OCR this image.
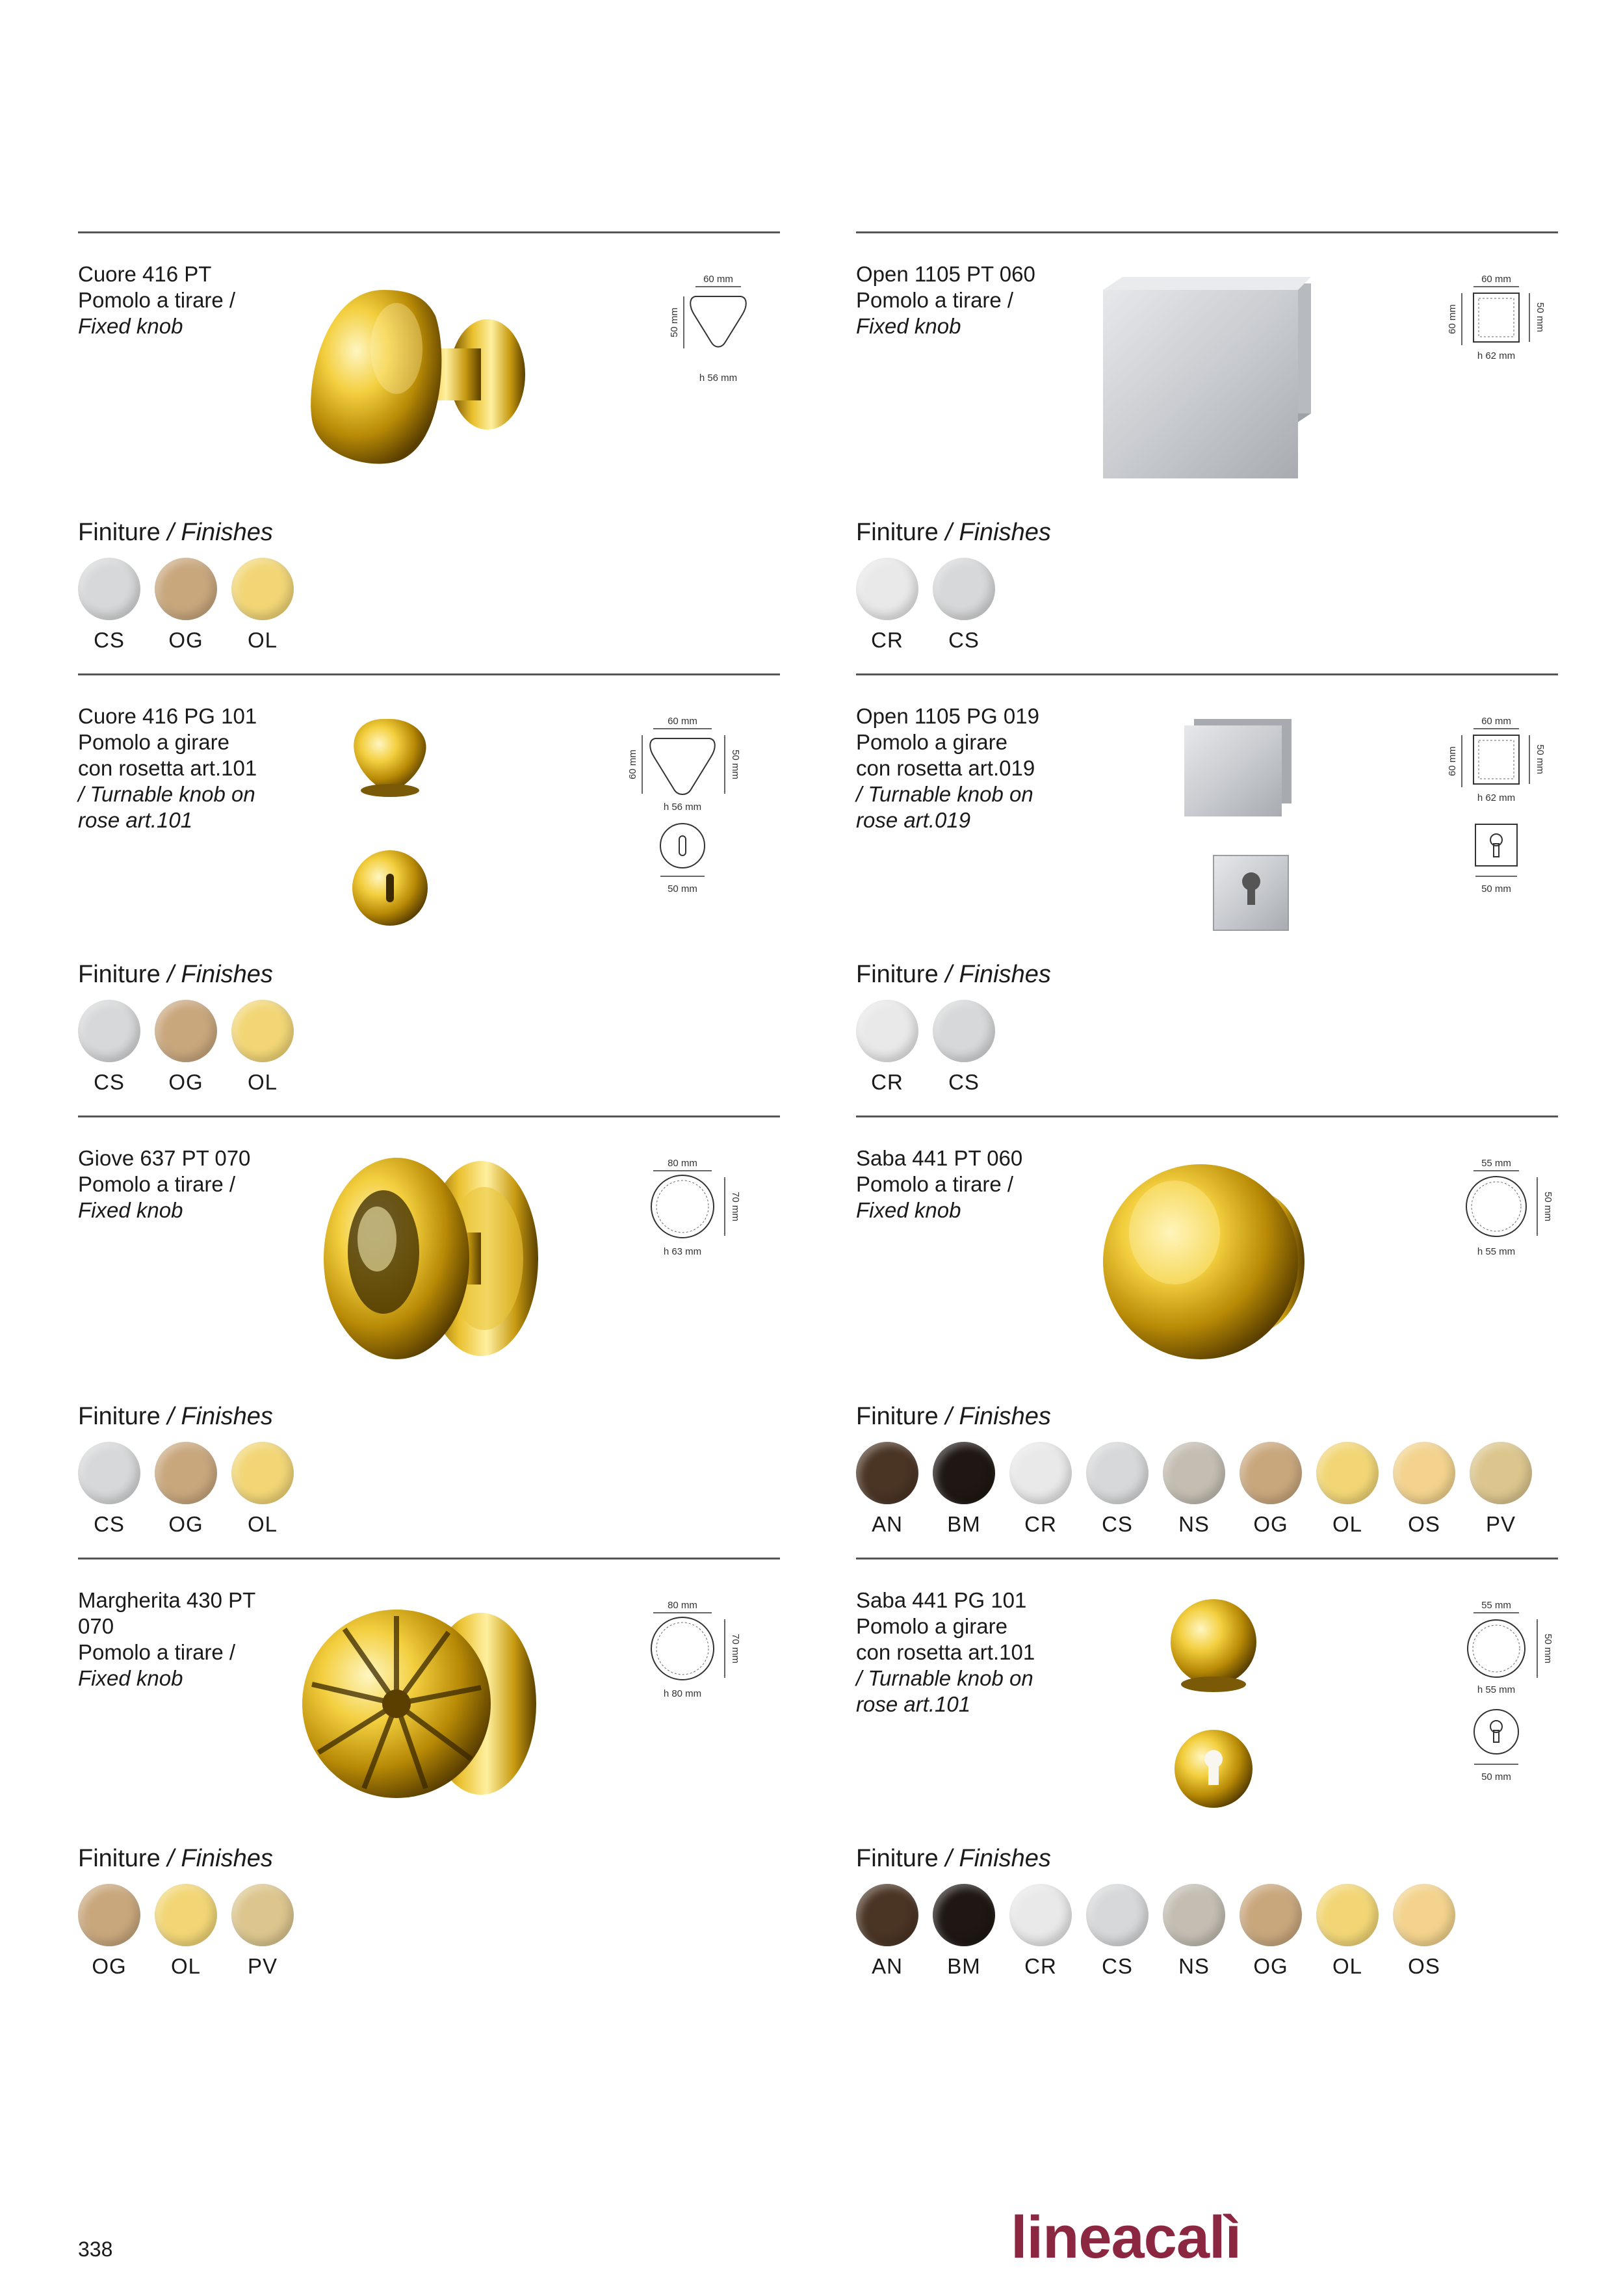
Cuore 416 PT
Pomolo a tirare /
Fixed knob
60 mm
50 mm
h 56 mm
Finiture / Finishes
CS OG OL
Open 1105 PT 060
Pomolo a tirare /
Fixed knob
60 mm
60 mm	50 mm
h 62 mm
Finiture / Finishes
CR CS
Cuore 416 PG 101
Pomolo a girare
con rosetta art.101
/ Turnable knob on
rose art.101
60 mm
60 mm	50 mm
h 56 mm
50 mm
Finiture / Finishes
CS OG OL
Open 1105 PG 019
Pomolo a girare
con rosetta art.019
/ Turnable knob on
rose art.019
60 mm
60 mm	50 mm
h 62 mm
50 mm
Finiture / Finishes
CR CS
Giove 637 PT 070
Pomolo a tirare /
Fixed knob
80 mm
70 mm
h 63 mm
Finiture / Finishes
CS OG OL
Saba 441 PT 060
Pomolo a tirare /
Fixed knob
55 mm
50 mm
h 55 mm
Finiture / Finishes
AN BM CR CS NS OG OL OS PV
Margherita 430 PT
070
Pomolo a tirare /
Fixed knob
80 mm
70 mm
h 80 mm
Finiture / Finishes
OG OL PV
Saba 441 PG 101
Pomolo a girare
con rosetta art.101
/ Turnable knob on
rose art.101
55 mm
50 mm
h 55 mm
50 mm
Finiture / Finishes
AN BM CR CS NS OG OL OS
338	lineacalì
